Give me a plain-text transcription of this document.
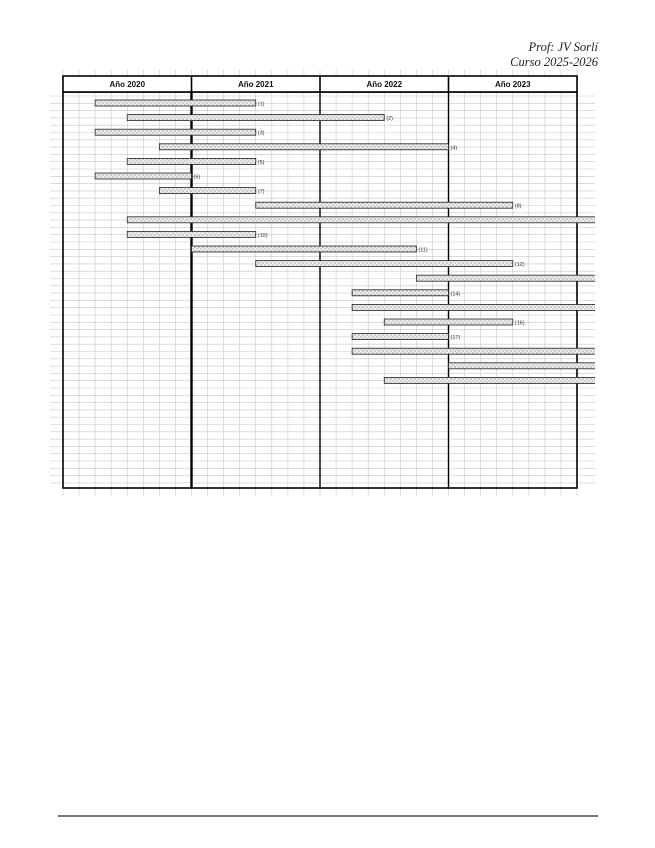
Prof: JV Sorlí
Curso 2025-2026
Año 2020	Año 2021	Año 2022	Año 2023
(1)
(2)
(3)
(4)
(5)
(6)
(7)
(8)
(10)
(11)
(12)
(14)
(16)
(17)
